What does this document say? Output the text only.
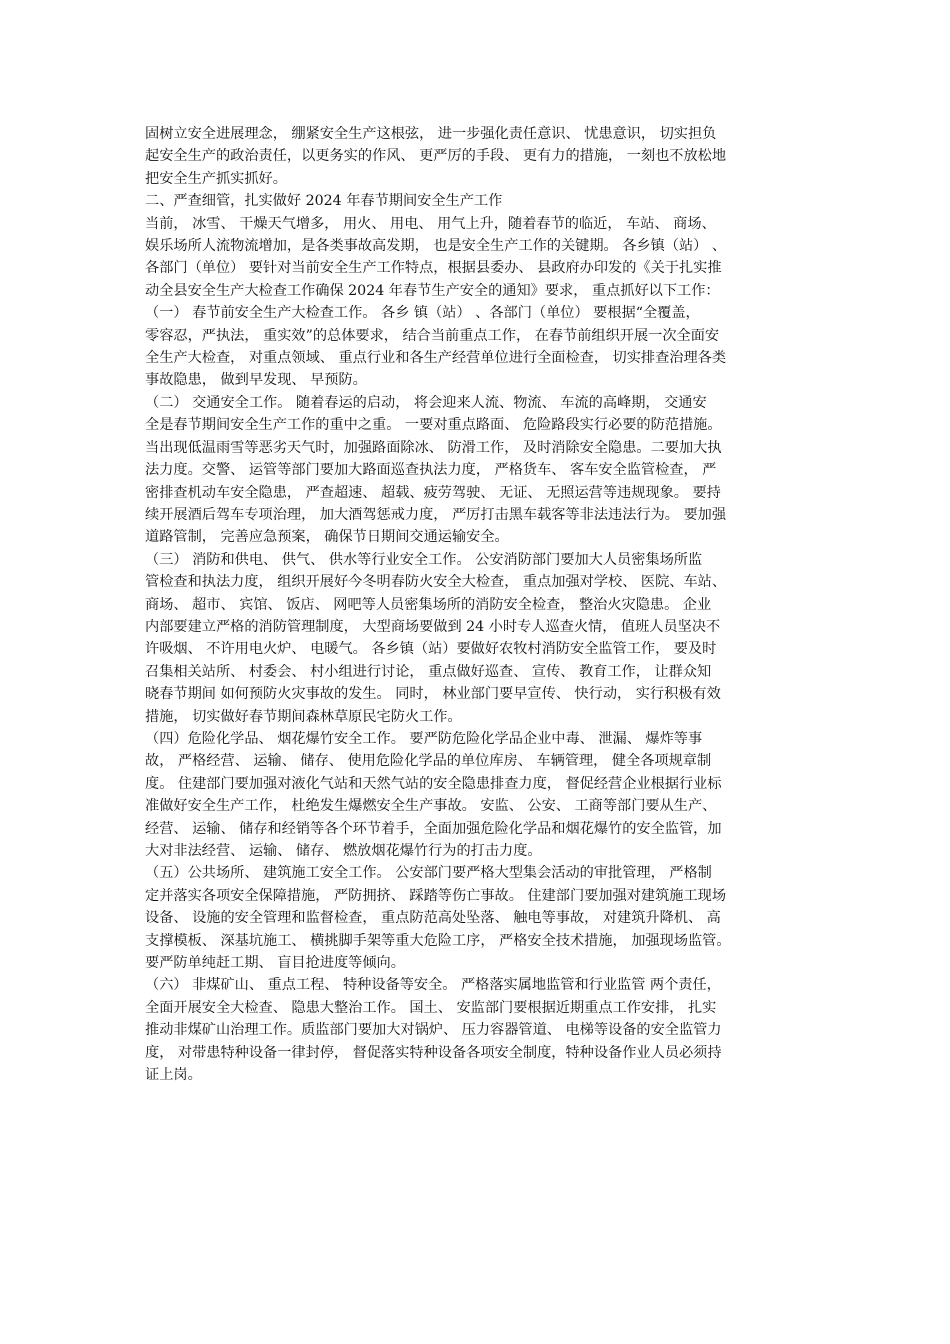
固树立安全进展理念， 绷紧安全生产这根弦， 进一步强化责任意识、 忧患意识， 切实担负
起安全生产的政治责任，以更务实的作风、 更严厉的手段、 更有力的措施， 一刻也不放松地
把安全生产抓实抓好。

二、严查细管，扎实做好 2024 年春节期间安全生产工作

当前， 冰雪、 干燥天气增多， 用火、 用电、 用气上升，随着春节的临近， 车站、 商场、
娱乐场所人流物流增加，是各类事故高发期， 也是安全生产工作的关键期。 各乡镇（站） 、
各部门（单位） 要针对当前安全生产工作特点，根据县委办、 县政府办印发的《关于扎实推
动全县安全生产大检查工作确保 2024 年春节生产安全的通知》要求， 重点抓好以下工作：

（一） 春节前安全生产大检查工作。 各乡 镇（站） 、各部门（单位） 要根据“全覆盖，
零容忍，严执法， 重实效”的总体要求， 结合当前重点工作， 在春节前组织开展一次全面安
全生产大检查， 对重点领域、 重点行业和各生产经营单位进行全面检查， 切实排查治理各类
事故隐患， 做到早发现、 早预防。

（二） 交通安全工作。 随着春运的启动， 将会迎来人流、物流、 车流的高峰期， 交通安
全是春节期间安全生产工作的重中之重。 一要对重点路面、 危险路段实行必要的防范措施。
当出现低温雨雪等恶劣天气时，加强路面除冰、 防滑工作， 及时消除安全隐患。二要加大执
法力度。交警、 运管等部门要加大路面巡查执法力度， 严格货车、 客车安全监管检查， 严
密排查机动车安全隐患， 严查超速、 超载、疲劳驾驶、 无证、 无照运营等违规现象。 要持
续开展酒后驾车专项治理， 加大酒驾惩戒力度， 严厉打击黑车载客等非法违法行为。 要加强
道路管制， 完善应急预案， 确保节日期间交通运输安全。

（三） 消防和供电、 供气、 供水等行业安全工作。 公安消防部门要加大人员密集场所监
管检查和执法力度， 组织开展好今冬明春防火安全大检查， 重点加强对学校、 医院、车站、
商场、 超市、 宾馆、 饭店、 网吧等人员密集场所的消防安全检查， 整治火灾隐患。 企业
内部要建立严格的消防管理制度， 大型商场要做到 24 小时专人巡查火情， 值班人员坚决不
许吸烟、 不许用电火炉、 电暖气。 各乡镇（站）要做好农牧村消防安全监管工作， 要及时
召集相关站所、 村委会、 村小组进行讨论， 重点做好巡查、 宣传、 教育工作， 让群众知
晓春节期间 如何预防火灾事故的发生。 同时， 林业部门要早宣传、 快行动， 实行积极有效
措施， 切实做好春节期间森林草原民宅防火工作。

（四）危险化学品、 烟花爆竹安全工作。 要严防危险化学品企业中毒、 泄漏、 爆炸等事
故， 严格经营、 运输、 储存、 使用危险化学品的单位库房、 车辆管理， 健全各项规章制
度。 住建部门要加强对液化气站和天然气站的安全隐患排查力度， 督促经营企业根据行业标
准做好安全生产工作， 杜绝发生爆燃安全生产事故。 安监、 公安、 工商等部门要从生产、
经营、 运输、 储存和经销等各个环节着手，全面加强危险化学品和烟花爆竹的安全监管，加
大对非法经营、 运输、 储存、 燃放烟花爆竹行为的打击力度。

（五）公共场所、 建筑施工安全工作。 公安部门要严格大型集会活动的审批管理， 严格制
定并落实各项安全保障措施， 严防拥挤、 踩踏等伤亡事故。 住建部门要加强对建筑施工现场
设备、 设施的安全管理和监督检查， 重点防范高处坠落、 触电等事故， 对建筑升降机、 高
支撑模板、 深基坑施工、 横挑脚手架等重大危险工序， 严格安全技术措施， 加强现场监管。
要严防单纯赶工期、 盲目抢进度等倾向。

（六） 非煤矿山、 重点工程、 特种设备等安全。 严格落实属地监管和行业监管 两个责任，
全面开展安全大检查、 隐患大整治工作。 国土、 安监部门要根据近期重点工作安排， 扎实
推动非煤矿山治理工作。质监部门要加大对锅炉、 压力容器管道、 电梯等设备的安全监管力
度， 对带患特种设备一律封停， 督促落实特种设备各项安全制度，特种设备作业人员必须持
证上岗。
